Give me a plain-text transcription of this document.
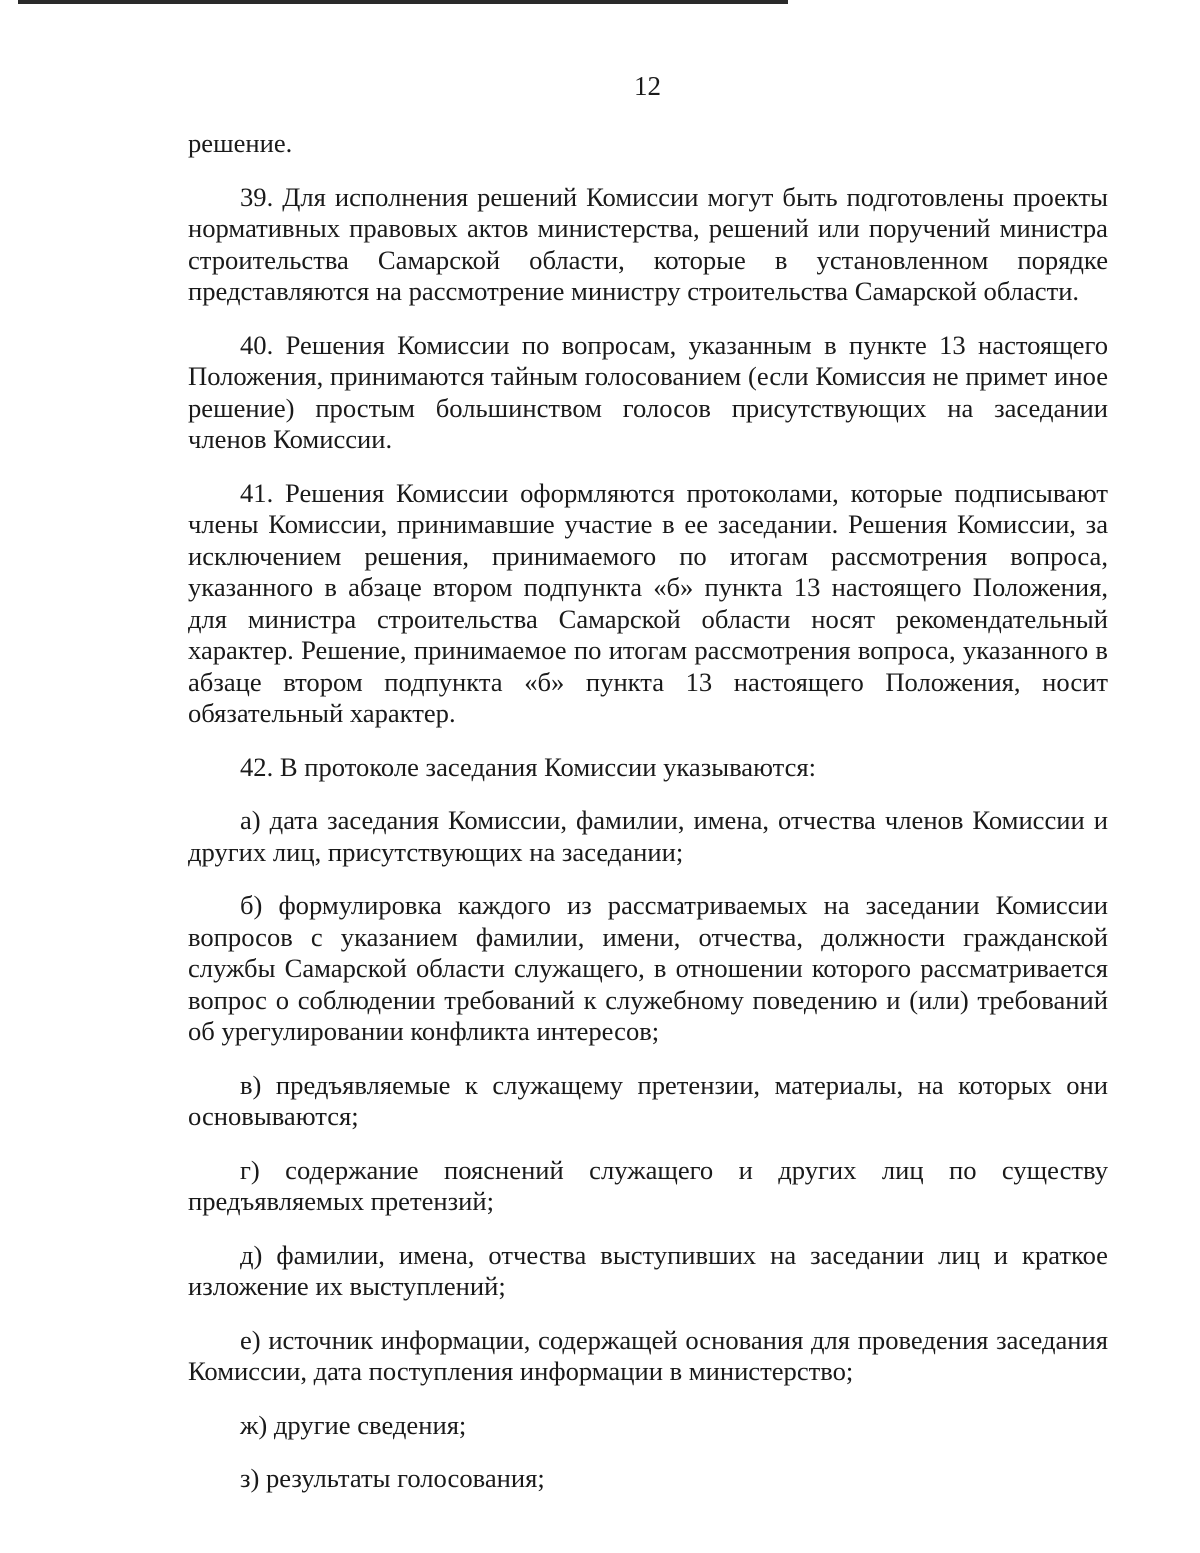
12

решение.

39. Для исполнения решений Комиссии могут быть подготовлены проекты нормативных правовых актов министерства, решений или поручений министра строительства Самарской области, которые в установленном порядке представляются на рассмотрение министру строительства Самарской области.

40. Решения Комиссии по вопросам, указанным в пункте 13 настоящего Положения, принимаются тайным голосованием (если Комиссия не примет иное решение) простым большинством голосов присутствующих на заседании членов Комиссии.

41. Решения Комиссии оформляются протоколами, которые подписывают члены Комиссии, принимавшие участие в ее заседании. Решения Комиссии, за исключением решения, принимаемого по итогам рассмотрения вопроса, указанного в абзаце втором подпункта «б» пункта 13 настоящего Положения, для министра строительства Самарской области носят рекомендательный характер. Решение, принимаемое по итогам рассмотрения вопроса, указанного в абзаце втором подпункта «б» пункта 13 настоящего Положения, носит обязательный характер.

42. В протоколе заседания Комиссии указываются:

а) дата заседания Комиссии, фамилии, имена, отчества членов Комиссии и других лиц, присутствующих на заседании;

б) формулировка каждого из рассматриваемых на заседании Комиссии вопросов с указанием фамилии, имени, отчества, должности гражданской службы Самарской области служащего, в отношении которого рассматривается вопрос о соблюдении требований к служебному поведению и (или) требований об урегулировании конфликта интересов;

в) предъявляемые к служащему претензии, материалы, на которых они основываются;

г) содержание пояснений служащего и других лиц по существу предъявляемых претензий;

д) фамилии, имена, отчества выступивших на заседании лиц и краткое изложение их выступлений;

е) источник информации, содержащей основания для проведения заседания Комиссии, дата поступления информации в министерство;

ж) другие сведения;

з) результаты голосования;
